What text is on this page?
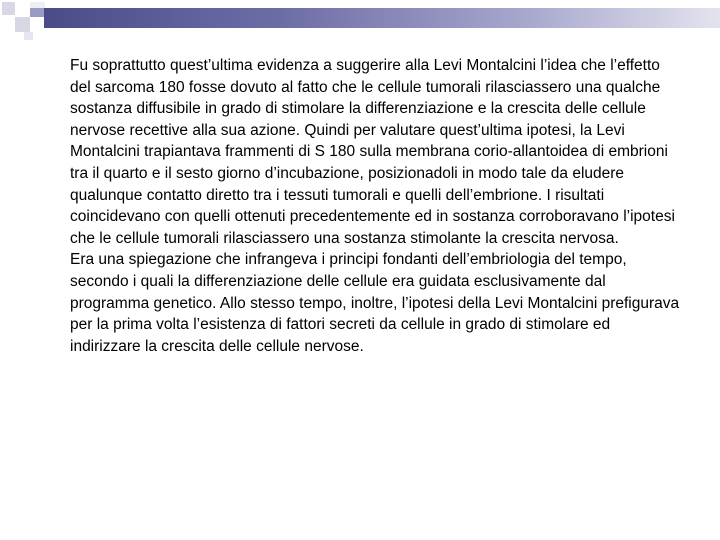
Fu soprattutto quest’ultima evidenza a suggerire alla Levi Montalcini l’idea che l’effetto del sarcoma 180 fosse dovuto al fatto che le cellule tumorali rilasciassero una qualche sostanza diffusibile in grado di stimolare la differenziazione e la crescita delle cellule nervose recettive alla sua azione. Quindi per valutare quest’ultima ipotesi, la Levi Montalcini trapiantava frammenti di S 180 sulla membrana corio-allantoidea di embrioni tra il quarto e il sesto giorno d’incubazione, posizionadoli in modo tale da eludere qualunque contatto diretto tra i tessuti tumorali e quelli dell’embrione. I risultati coincidevano con quelli ottenuti precedentemente ed in sostanza corroboravano l’ipotesi che le cellule tumorali rilasciassero una sostanza stimolante la crescita nervosa.

Era una spiegazione che infrangeva i principi fondanti dell’embriologia del tempo, secondo i quali la differenziazione delle cellule era guidata esclusivamente dal programma genetico. Allo stesso tempo, inoltre, l’ipotesi della Levi Montalcini prefigurava per la prima volta l’esistenza di fattori secreti da cellule in grado di stimolare ed indirizzare la crescita delle cellule nervose.
